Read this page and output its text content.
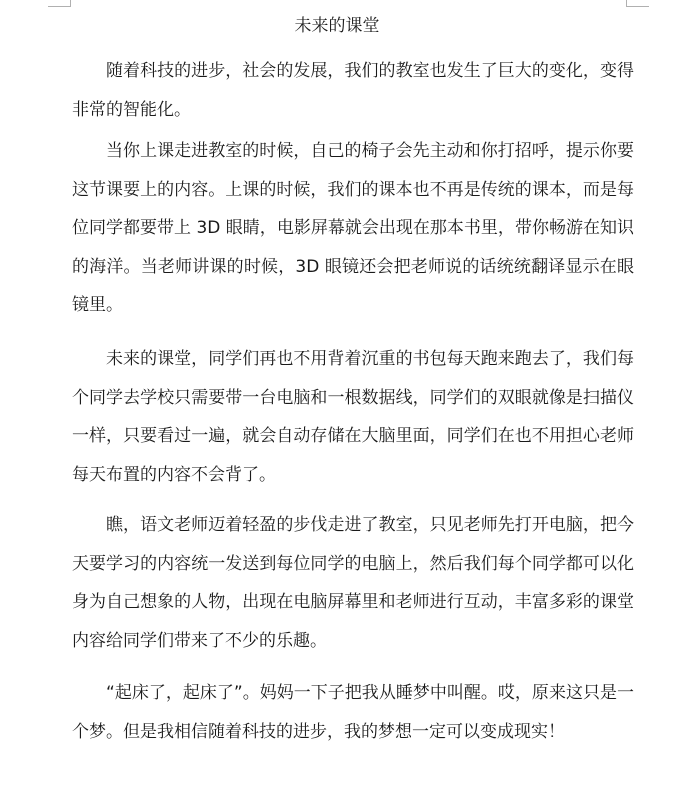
未来的课堂

随着科技的进步，社会的发展，我们的教室也发生了巨大的变化，变得非常的智能化。

当你上课走进教室的时候，自己的椅子会先主动和你打招呼，提示你要这节课要上的内容。上课的时候，我们的课本也不再是传统的课本，而是每位同学都要带上 3D 眼睛，电影屏幕就会出现在那本书里，带你畅游在知识的海洋。当老师讲课的时候，3D 眼镜还会把老师说的话统统翻译显示在眼镜里。

未来的课堂，同学们再也不用背着沉重的书包每天跑来跑去了，我们每个同学去学校只需要带一台电脑和一根数据线，同学们的双眼就像是扫描仪一样，只要看过一遍，就会自动存储在大脑里面，同学们在也不用担心老师每天布置的内容不会背了。

瞧，语文老师迈着轻盈的步伐走进了教室，只见老师先打开电脑，把今天要学习的内容统一发送到每位同学的电脑上，然后我们每个同学都可以化身为自己想象的人物，出现在电脑屏幕里和老师进行互动，丰富多彩的课堂内容给同学们带来了不少的乐趣。

“起床了，起床了”。妈妈一下子把我从睡梦中叫醒。哎，原来这只是一个梦。但是我相信随着科技的进步，我的梦想一定可以变成现实！
